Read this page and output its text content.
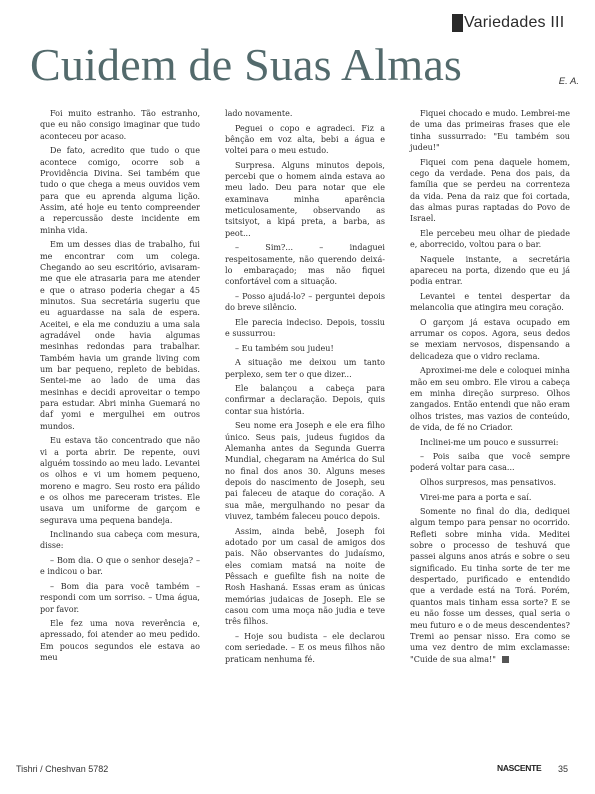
Variedades III
Cuidem de Suas Almas	E. A.

Foi muito estranho. Tão estranho, que eu não consigo imaginar que tudo aconteceu por acaso.

De fato, acredito que tudo o que acontece comigo, ocorre sob a Providência Divina. Sei também que tudo o que chega a meus ouvidos vem para que eu aprenda alguma lição. Assim, até hoje eu tento compreender a repercussão deste incidente em minha vida.

Em um desses dias de trabalho, fui me encontrar com um colega. Chegando ao seu escritório, avisaram-me que ele atrasaria para me atender e que o atraso poderia chegar a 45 minutos. Sua secretária sugeriu que eu aguardasse na sala de espera. Aceitei, e ela me conduziu a uma sala agradável onde havia algumas mesinhas redondas para trabalhar. Também havia um grande living com um bar pequeno, repleto de bebidas. Sentei-me ao lado de uma das mesinhas e decidi aproveitar o tempo para estudar. Abri minha Guemará no daf yomi e mergulhei em outros mundos.

Eu estava tão concentrado que não vi a porta abrir. De repente, ouvi alguém tossindo ao meu lado. Levantei os olhos e vi um homem pequeno, moreno e magro. Seu rosto era pálido e os olhos me pareceram tristes. Ele usava um uniforme de garçom e segurava uma pequena bandeja.

Inclinando sua cabeça com mesura, disse:

– Bom dia. O que o senhor deseja? – e indicou o bar.

– Bom dia para você também – respondi com um sorriso. – Uma água, por favor.

Ele fez uma nova reverência e, apressado, foi atender ao meu pedido. Em poucos segundos ele estava ao meu

lado novamente.

Peguei o copo e agradeci. Fiz a bênção em voz alta, bebi a água e voltei para o meu estudo.

Surpresa. Alguns minutos depois, percebi que o homem ainda estava ao meu lado. Deu para notar que ele examinava minha aparência meticulosamente, observando as tsitsiyot, a kipá preta, a barba, as peot...

– Sim?... – indaguei respeitosamente, não querendo deixá-lo embaraçado; mas não fiquei confortável com a situação.

– Posso ajudá-lo? – perguntei depois do breve silêncio.

Ele parecia indeciso. Depois, tossiu e sussurrou:

– Eu também sou judeu!

A situação me deixou um tanto perplexo, sem ter o que dizer...

Ele balançou a cabeça para confirmar a declaração. Depois, quis contar sua história.

Seu nome era Joseph e ele era filho único. Seus pais, judeus fugidos da Alemanha antes da Segunda Guerra Mundial, chegaram na América do Sul no final dos anos 30. Alguns meses depois do nascimento de Joseph, seu pai faleceu de ataque do coração. A sua mãe, mergulhando no pesar da viuvez, também faleceu pouco depois.

Assim, ainda bebê, Joseph foi adotado por um casal de amigos dos pais. Não observantes do judaísmo, eles comiam matsá na noite de Pêssach e guefilte fish na noite de Rosh Hashaná. Essas eram as únicas memórias judaicas de Joseph. Ele se casou com uma moça não judia e teve três filhos.

– Hoje sou budista – ele declarou com seriedade. – E os meus filhos não praticam nenhuma fé.

Fiquei chocado e mudo. Lembrei-me de uma das primeiras frases que ele tinha sussurrado: "Eu também sou judeu!"

Fiquei com pena daquele homem, cego da verdade. Pena dos pais, da família que se perdeu na correnteza da vida. Pena da raiz que foi cortada, das almas puras raptadas do Povo de Israel.

Ele percebeu meu olhar de piedade e, aborrecido, voltou para o bar.

Naquele instante, a secretária apareceu na porta, dizendo que eu já podia entrar.

Levantei e tentei despertar da melancolia que atingira meu coração.

O garçom já estava ocupado em arrumar os copos. Agora, seus dedos se mexiam nervosos, dispensando a delicadeza que o vidro reclama.

Aproximei-me dele e coloquei minha mão em seu ombro. Ele virou a cabeça em minha direção surpreso. Olhos zangados. Então entendi que não eram olhos tristes, mas vazios de conteúdo, de vida, de fé no Criador.

Inclinei-me um pouco e sussurrei:

– Pois saiba que você sempre poderá voltar para casa...

Olhos surpresos, mas pensativos.

Virei-me para a porta e saí.

Somente no final do dia, dediquei algum tempo para pensar no ocorrido. Refleti sobre minha vida. Meditei sobre o processo de teshuvá que passei alguns anos atrás e sobre o seu significado. Eu tinha sorte de ter me despertado, purificado e entendido que a verdade está na Torá. Porém, quantos mais tinham essa sorte? E se eu não fosse um desses, qual seria o meu futuro e o de meus descendentes? Tremi ao pensar nisso. Era como se uma vez dentro de mim exclamasse: "Cuide de sua alma!"

Tishri / Cheshvan 5782	NASCENTE 35
